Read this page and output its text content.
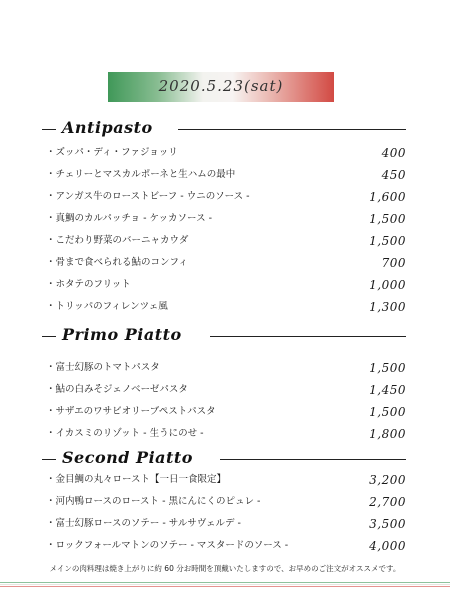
2020.5.23(sat)
Antipasto
・ズッパ・ディ・ファジョッリ	400
・チェリーとマスカルポーネと生ハムの最中	450
・アンガス牛のローストビーフ - ウニのソース -	1,600
・真鯛のカルパッチョ - ケッカソース -	1,500
・こだわり野菜のバーニャカウダ	1,500
・骨まで食べられる鮎のコンフィ	700
・ホタテのフリット	1,000
・トリッパのフィレンツェ風	1,300
Primo Piatto
・富士幻豚のトマトパスタ	1,500
・鮎の白みそジェノベーゼパスタ	1,450
・サザエのワサビオリーブペストパスタ	1,500
・イカスミのリゾット - 生うにのせ -	1,800
Second Piatto
・金目鯛の丸々ロースト【一日一食限定】	3,200
・河内鴨ロースのロースト - 黒にんにくのピュレ -	2,700
・富士幻豚ロースのソテー - サルサヴェルデ -	3,500
・ロックフォールマトンのソテー - マスタードのソース -	4,000
メインの肉料理は焼き上がりに約 60 分お時間を頂戴いたしますので、お早めのご注文がオススメです。
